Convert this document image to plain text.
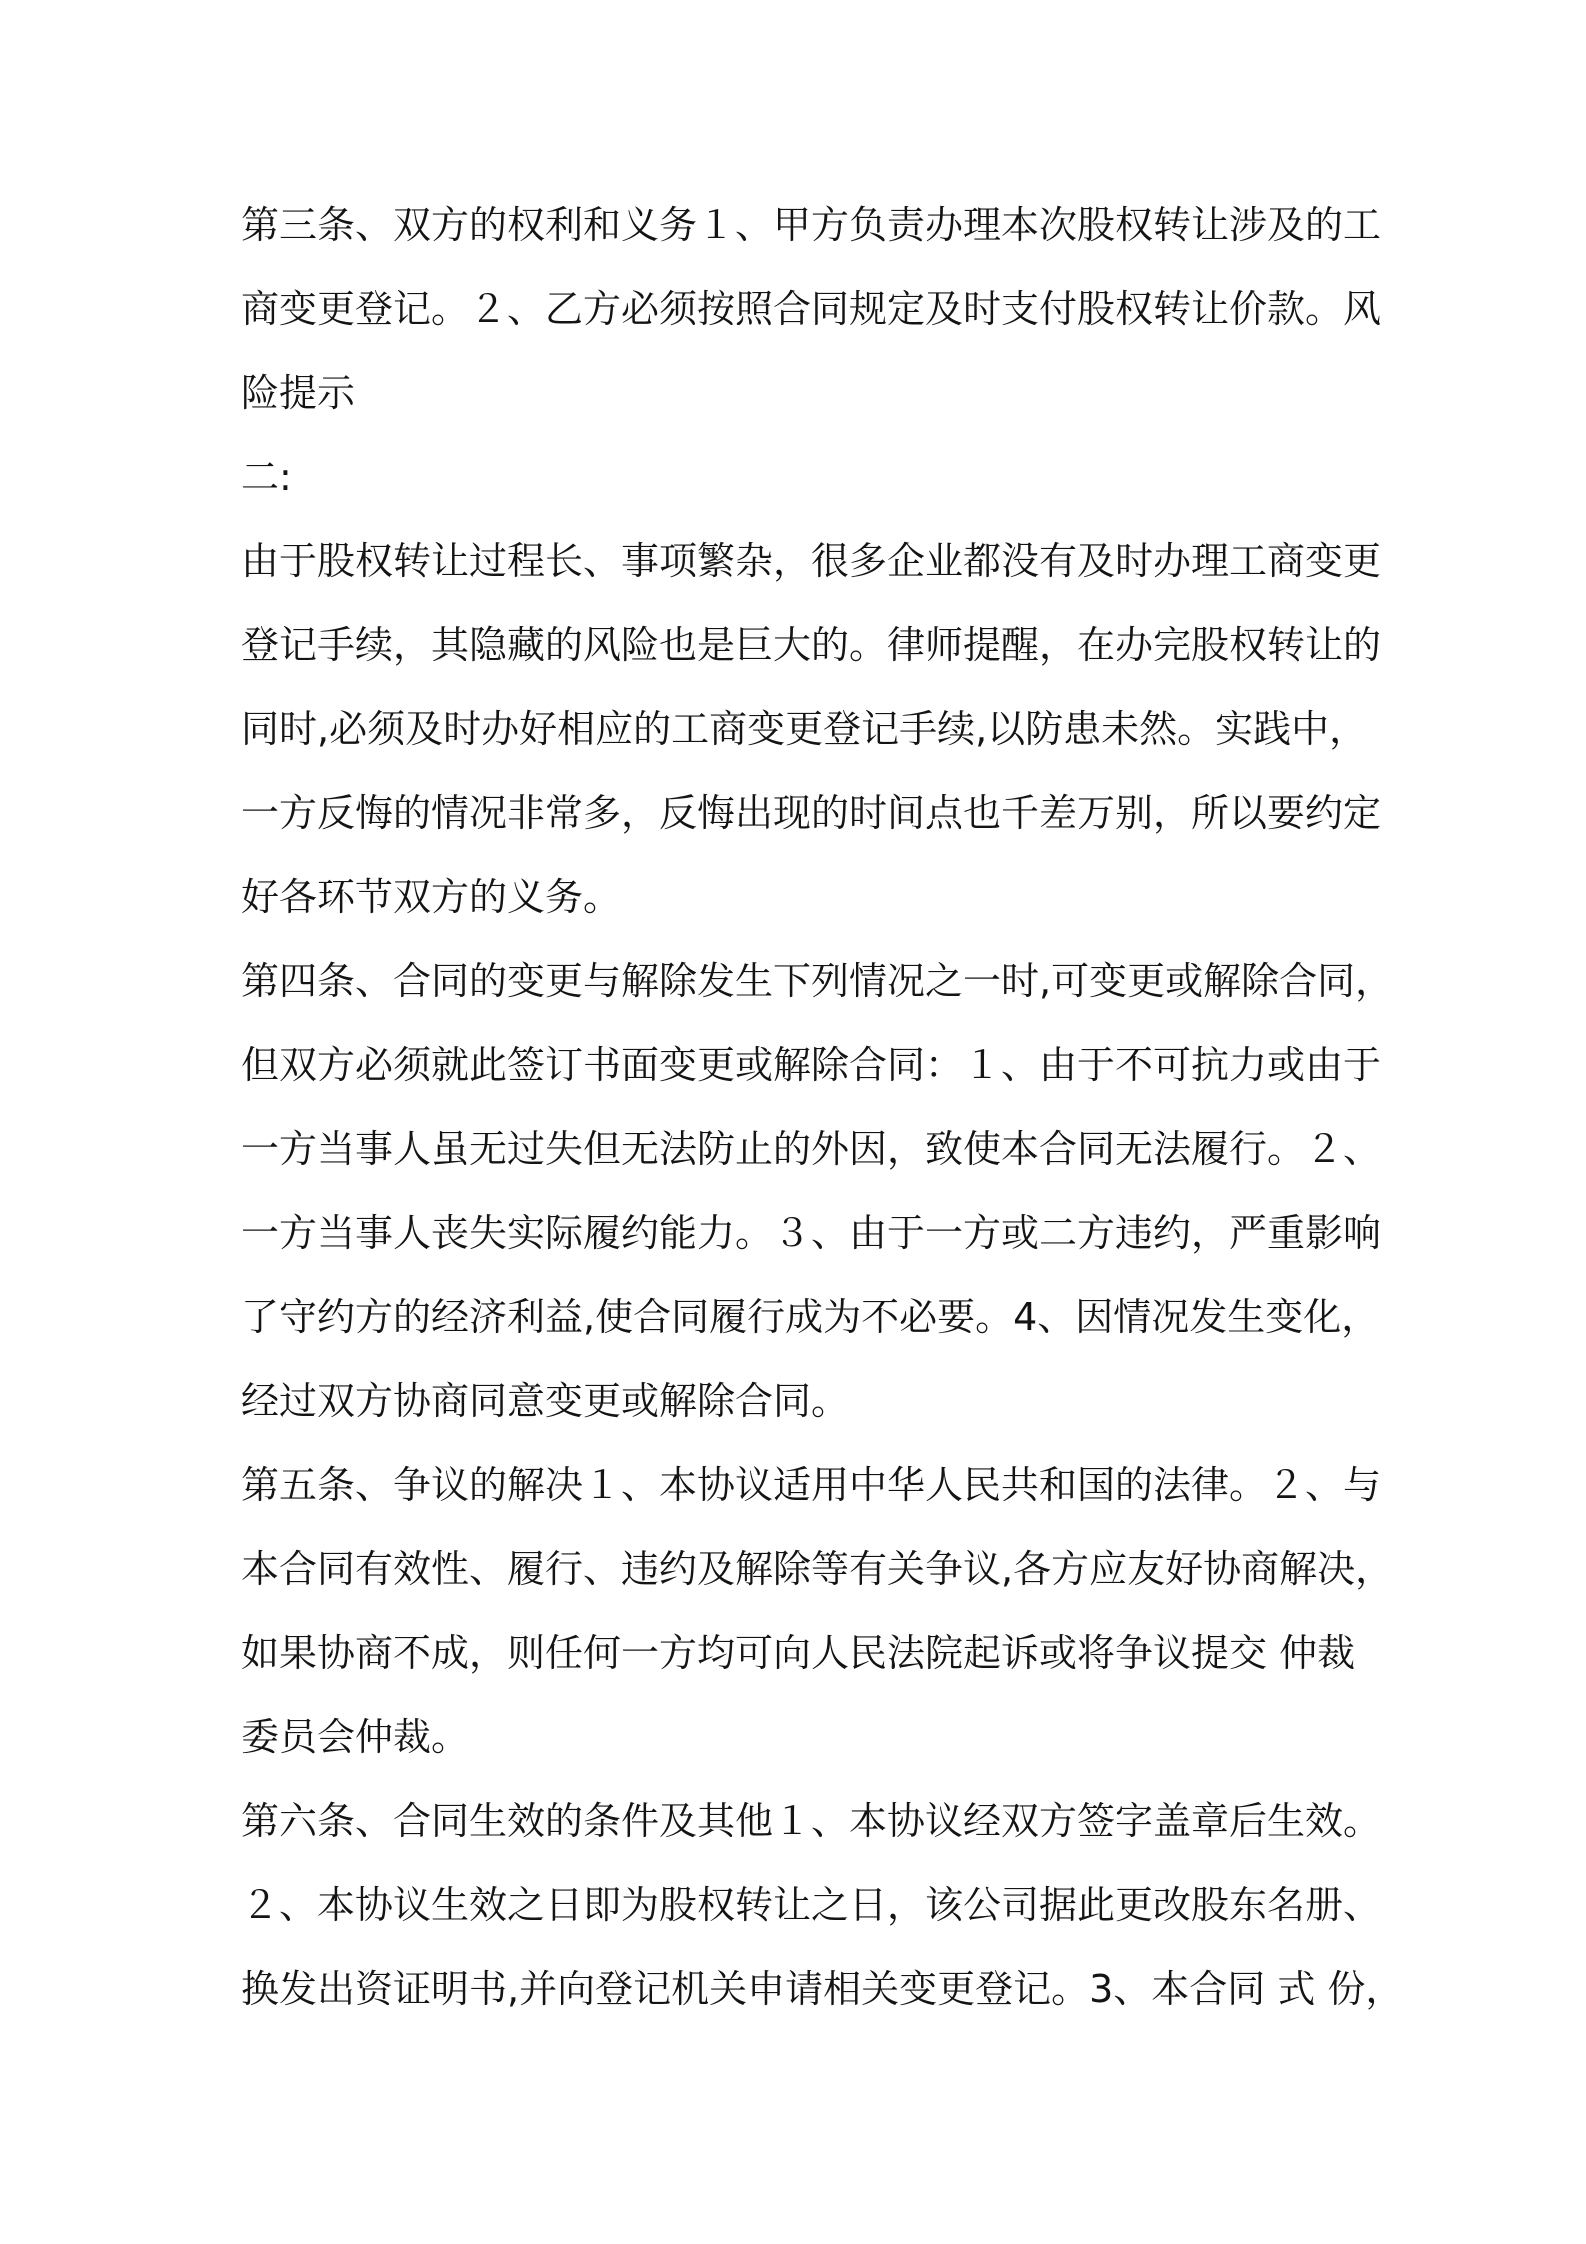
第三条、双方的权利和义务１、甲方负责办理本次股权转让涉及的工
商变更登记。２、乙方必须按照合同规定及时支付股权转让价款。风
险提示
二:
由于股权转让过程长、事项繁杂，很多企业都没有及时办理工商变更
登记手续，其隐藏的风险也是巨大的。律师提醒，在办完股权转让的
同时,必须及时办好相应的工商变更登记手续,以防患未然。实践中，
一方反悔的情况非常多，反悔出现的时间点也千差万别，所以要约定
好各环节双方的义务。
第四条、合同的变更与解除发生下列情况之一时,可变更或解除合同，
但双方必须就此签订书面变更或解除合同：１、由于不可抗力或由于
一方当事人虽无过失但无法防止的外因，致使本合同无法履行。２、
一方当事人丧失实际履约能力。３、由于一方或二方违约，严重影响
了守约方的经济利益,使合同履行成为不必要。4、因情况发生变化，
经过双方协商同意变更或解除合同。
第五条、争议的解决１、本协议适用中华人民共和国的法律。２、与
本合同有效性、履行、违约及解除等有关争议,各方应友好协商解决，
如果协商不成，则任何一方均可向人民法院起诉或将争议提交 仲裁
委员会仲裁。
第六条、合同生效的条件及其他１、本协议经双方签字盖章后生效。
２、本协议生效之日即为股权转让之日，该公司据此更改股东名册、
换发出资证明书,并向登记机关申请相关变更登记。3、本合同 式 份，
